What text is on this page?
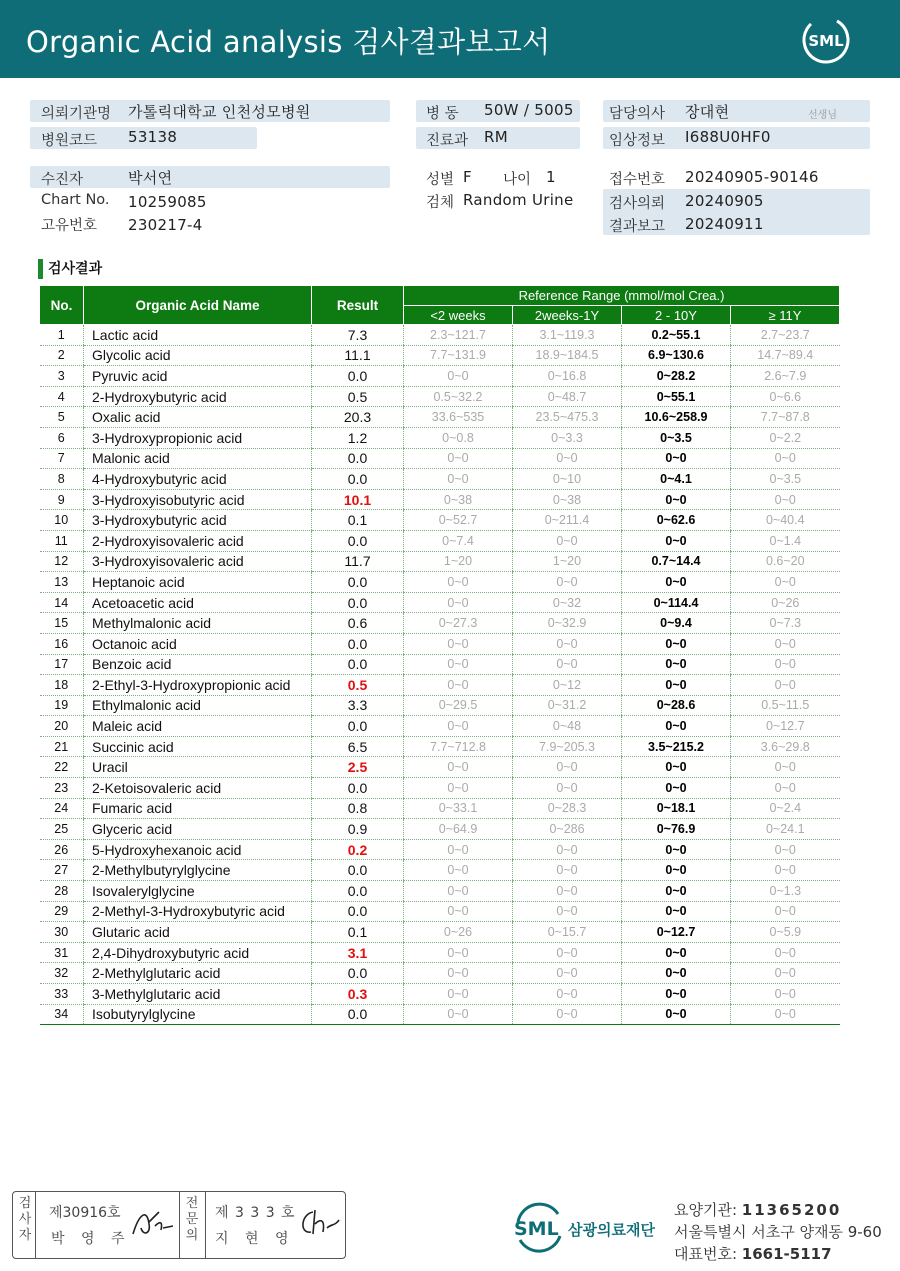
Organic Acid analysis 검사결과보고서	SML
의뢰기관명 가톨릭대학교 인천성모병원	병 동 50W / 5005 담당의사 장대현	선생님
병원코드 53138	진료과 RM	임상정보 I688U0HF0
수진자	박서연
Chart No. 10259085
고유번호 230217-4
성별 F 나이 1
검체 Random Urine
접수번호 20240905-90146
검사의뢰 20240905
결과보고 20240911
검사결과
No.	Organic Acid Name	Result	Reference Range (mmol/mol Crea.)			
			<2 weeks	2weeks-1Y	2 - 10Y	≥ 11Y
1	Lactic acid	7.3	2.3~121.7	3.1~119.3	0.2~55.1	2.7~23.7
2	Glycolic acid	11.1	7.7~131.9	18.9~184.5	6.9~130.6	14.7~89.4
3	Pyruvic acid	0.0	0~0	0~16.8	0~28.2	2.6~7.9
4	2-Hydroxybutyric acid	0.5	0.5~32.2	0~48.7	0~55.1	0~6.6
5	Oxalic acid	20.3	33.6~535	23.5~475.3	10.6~258.9	7.7~87.8
6	3-Hydroxypropionic acid	1.2	0~0.8	0~3.3	0~3.5	0~2.2
7	Malonic acid	0.0	0~0	0~0	0~0	0~0
8	4-Hydroxybutyric acid	0.0	0~0	0~10	0~4.1	0~3.5
9	3-Hydroxyisobutyric acid	10.1	0~38	0~38	0~0	0~0
10	3-Hydroxybutyric acid	0.1	0~52.7	0~211.4	0~62.6	0~40.4
11	2-Hydroxyisovaleric acid	0.0	0~7.4	0~0	0~0	0~1.4
12	3-Hydroxyisovaleric acid	11.7	1~20	1~20	0.7~14.4	0.6~20
13	Heptanoic acid	0.0	0~0	0~0	0~0	0~0
14	Acetoacetic acid	0.0	0~0	0~32	0~114.4	0~26
15	Methylmalonic acid	0.6	0~27.3	0~32.9	0~9.4	0~7.3
16	Octanoic acid	0.0	0~0	0~0	0~0	0~0
17	Benzoic acid	0.0	0~0	0~0	0~0	0~0
18	2-Ethyl-3-Hydroxypropionic acid	0.5	0~0	0~12	0~0	0~0
19	Ethylmalonic acid	3.3	0~29.5	0~31.2	0~28.6	0.5~11.5
20	Maleic acid	0.0	0~0	0~48	0~0	0~12.7
21	Succinic acid	6.5	7.7~712.8	7.9~205.3	3.5~215.2	3.6~29.8
22	Uracil	2.5	0~0	0~0	0~0	0~0
23	2-Ketoisovaleric acid	0.0	0~0	0~0	0~0	0~0
24	Fumaric acid	0.8	0~33.1	0~28.3	0~18.1	0~2.4
25	Glyceric acid	0.9	0~64.9	0~286	0~76.9	0~24.1
26	5-Hydroxyhexanoic acid	0.2	0~0	0~0	0~0	0~0
27	2-Methylbutyrylglycine	0.0	0~0	0~0	0~0	0~0
28	Isovalerylglycine	0.0	0~0	0~0	0~0	0~1.3
29	2-Methyl-3-Hydroxybutyric acid	0.0	0~0	0~0	0~0	0~0
30	Glutaric acid	0.1	0~26	0~15.7	0~12.7	0~5.9
31	2,4-Dihydroxybutyric acid	3.1	0~0	0~0	0~0	0~0
32	2-Methylglutaric acid	0.0	0~0	0~0	0~0	0~0
33	3-Methylglutaric acid	0.3	0~0	0~0	0~0	0~0
34	Isobutyrylglycine	0.0	0~0	0~0	0~0	0~0
검
사
자
제30916호
박 영 주
전
문
의
제 3 3 3 호
지 현 영	SML 삼광의료재단
요양기관: 11365200
서울특별시 서초구 양재동 9-60
대표번호: 1661-5117
